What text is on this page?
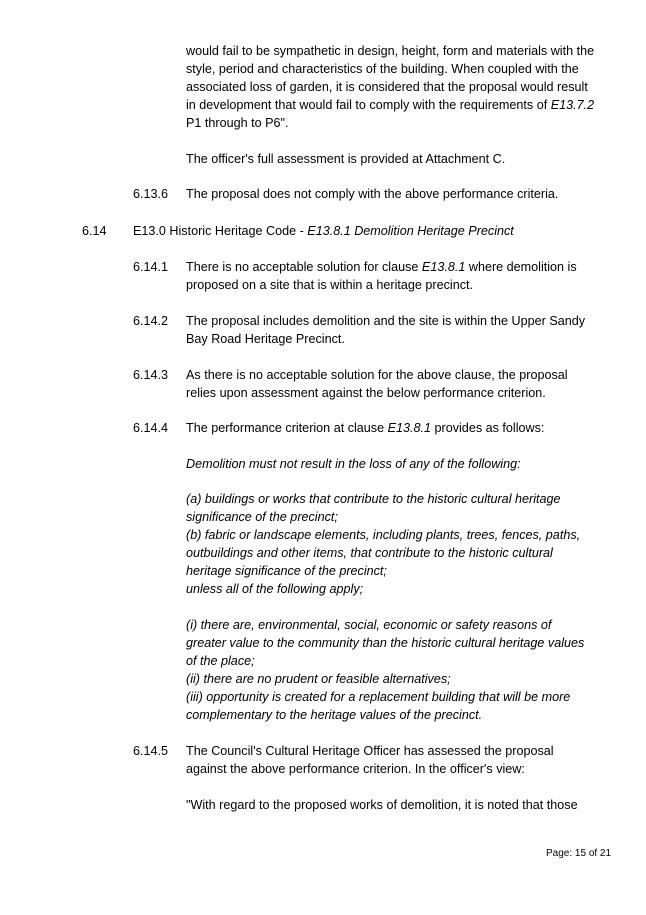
would fail to be sympathetic in design, height, form and materials with the
style, period and characteristics of the building. When coupled with the
associated loss of garden, it is considered that the proposal would result
in development that would fail to comply with the requirements of E13.7.2
P1 through to P6".

The officer's full assessment is provided at Attachment C.

6.13.6 The proposal does not comply with the above performance criteria.

6.14 E13.0 Historic Heritage Code - E13.8.1 Demolition Heritage Precinct

6.14.1 There is no acceptable solution for clause E13.8.1 where demolition is
proposed on a site that is within a heritage precinct.
6.14.2 The proposal includes demolition and the site is within the Upper Sandy
Bay Road Heritage Precinct.
6.14.3 As there is no acceptable solution for the above clause, the proposal
relies upon assessment against the below performance criterion.
6.14.4 The performance criterion at clause E13.8.1 provides as follows:

Demolition must not result in the loss of any of the following:

(a) buildings or works that contribute to the historic cultural heritage
significance of the precinct;
(b) fabric or landscape elements, including plants, trees, fences, paths,
outbuildings and other items, that contribute to the historic cultural
heritage significance of the precinct;
unless all of the following apply;
(i) there are, environmental, social, economic or safety reasons of
greater value to the community than the historic cultural heritage values
of the place;
(ii) there are no prudent or feasible alternatives;
(iii) opportunity is created for a replacement building that will be more
complementary to the heritage values of the precinct.
6.14.5 The Council's Cultural Heritage Officer has assessed the proposal
against the above performance criterion. In the officer's view:

"With regard to the proposed works of demolition, it is noted that those

Page: 15 of 21
